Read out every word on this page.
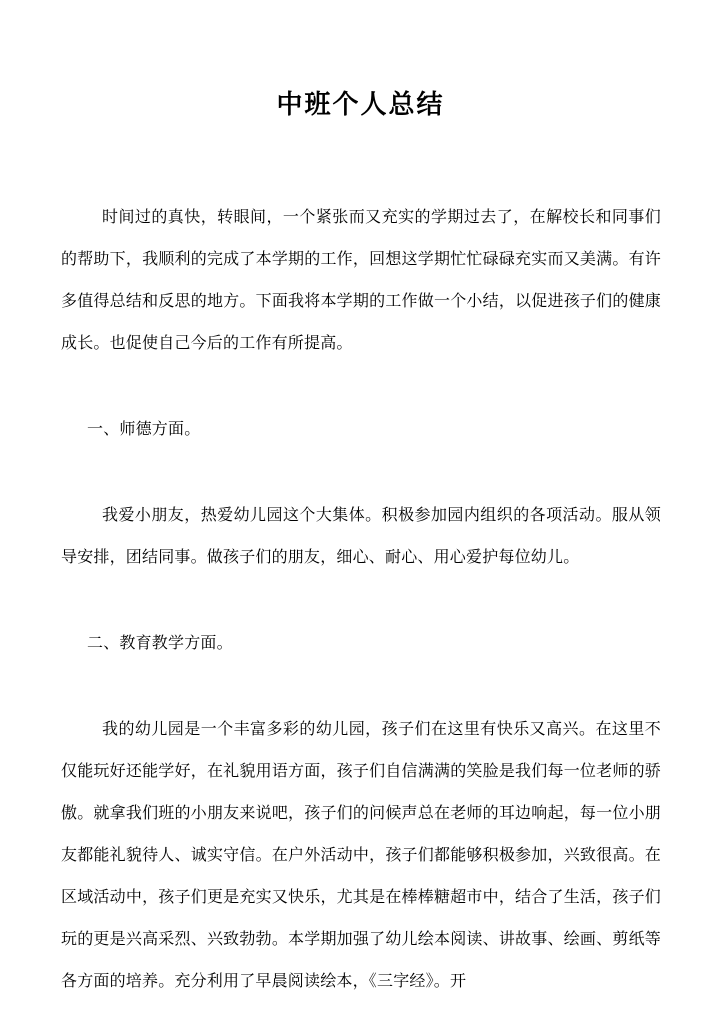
中班个人总结

时间过的真快，转眼间，一个紧张而又充实的学期过去了，在解校长和同事们的帮助下，我顺利的完成了本学期的工作，回想这学期忙忙碌碌充实而又美满。有许多值得总结和反思的地方。下面我将本学期的工作做一个小结，以促进孩子们的健康成长。也促使自己今后的工作有所提高。

一、师德方面。

我爱小朋友，热爱幼儿园这个大集体。积极参加园内组织的各项活动。服从领导安排，团结同事。做孩子们的朋友，细心、耐心、用心爱护每位幼儿。

二、教育教学方面。

我的幼儿园是一个丰富多彩的幼儿园，孩子们在这里有快乐又高兴。在这里不仅能玩好还能学好，在礼貌用语方面，孩子们自信满满的笑脸是我们每一位老师的骄傲。就拿我们班的小朋友来说吧，孩子们的问候声总在老师的耳边响起，每一位小朋友都能礼貌待人、诚实守信。在户外活动中，孩子们都能够积极参加，兴致很高。在区域活动中，孩子们更是充实又快乐，尤其是在棒棒糖超市中，结合了生活，孩子们玩的更是兴高采烈、兴致勃勃。本学期加强了幼儿绘本阅读、讲故事、绘画、剪纸等各方面的培养。充分利用了早晨阅读绘本，《三字经》。开
